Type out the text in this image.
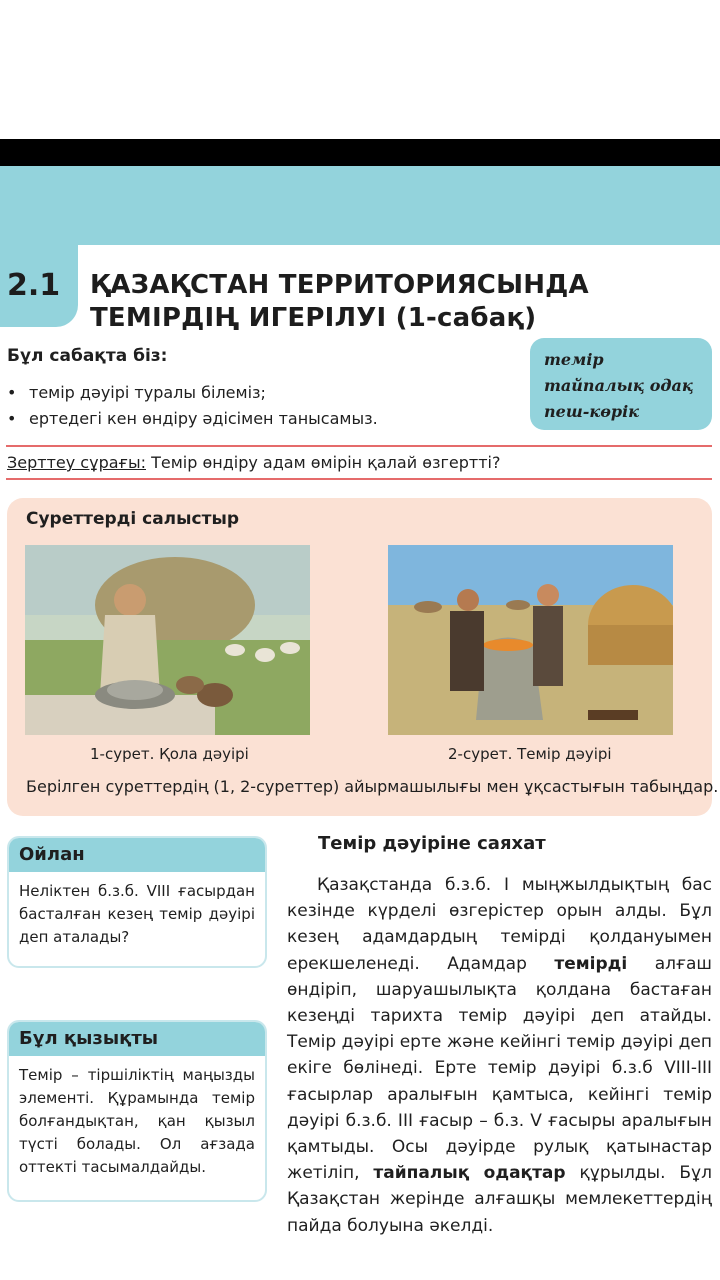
2.1 ҚАЗАҚСТАН ТЕРРИТОРИЯСЫНДА
ТЕМІРДІҢ ИГЕРІЛУІ (1-сабақ)
Бұл сабақта біз:
• темір дәуірі туралы білеміз;
• ертедегі кен өндіру әдісімен танысамыз.
темір
тайпалық одақ
пеш-көрік
Зерттеу сұрағы: Темір өндіру адам өмірін қалай өзгертті?
Суреттерді салыстыр
1-сурет. Қола дәуірі	2-сурет. Темір дәуірі
Берілген суреттердің (1, 2-суреттер) айырмашылығы мен ұқсастығын табыңдар.
Ойлан
Неліктен б.з.б. VIII ғасырдан басталған кезең темір дәуірі деп аталады?
Бұл қызықты
Темір – тіршіліктің маңызды элементі. Құрамында темір болғандықтан, қан қызыл түсті болады. Ол ағзада оттекті тасымалдайды.
Темір дәуіріне саяхат
Қазақстанда б.з.б. I мыңжылдықтың бас кезінде күрделі өзгерістер орын алды. Бұл кезең адамдардың темірді қолдануымен ерекшеленеді. Адамдар темірді алғаш өндіріп, шаруашылықта қолдана бастаған кезеңді тарихта темір дәуірі деп атайды. Темір дәуірі ерте және кейінгі темір дәуірі деп екіге бөлінеді. Ерте темір дәуірі б.з.б VIII-III ғасырлар аралығын қамтыса, кейінгі темір дәуірі б.з.б. III ғасыр – б.з. V ғасыры аралығын қамтыды. Осы дәуірде рулық қатынастар жетіліп, тайпалық одақтар құрылды. Бұл Қазақстан жерінде алғашқы мемлекеттердің пайда болуына әкелді.
